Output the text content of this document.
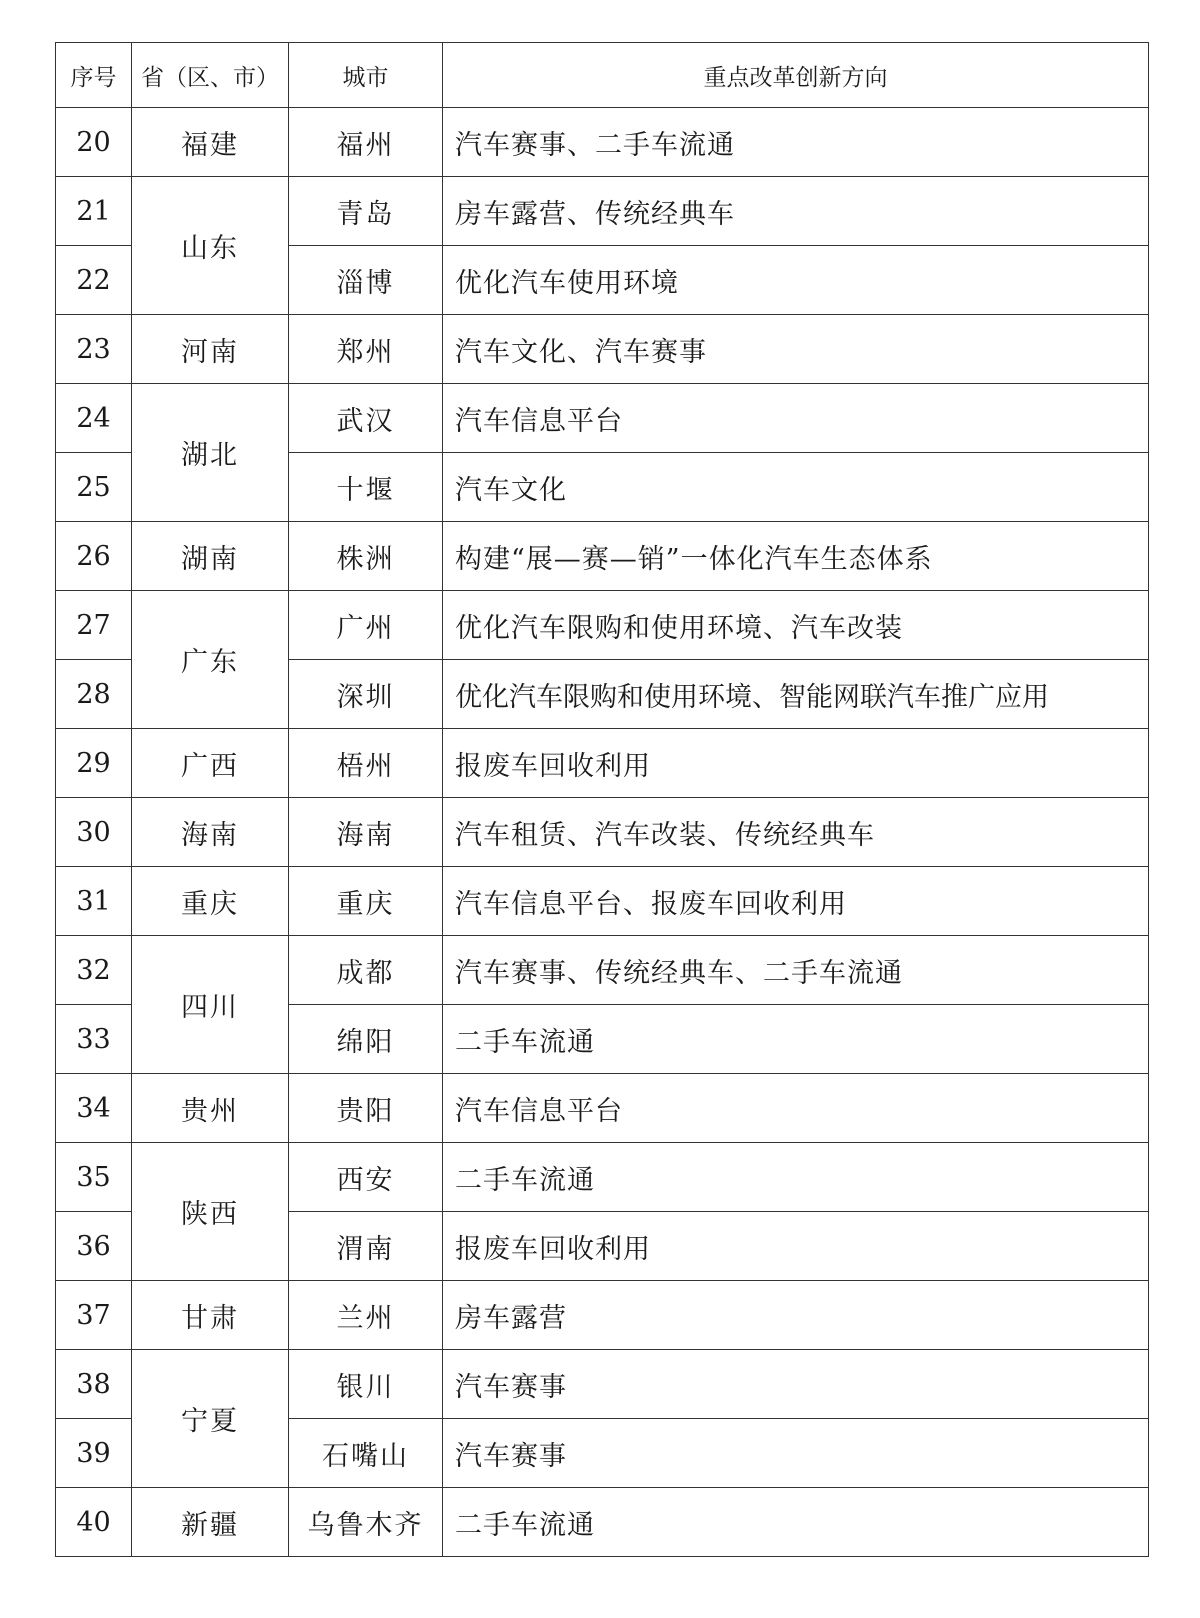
序号	省（区、市）	城市	重点改革创新方向
20	福建	福州	汽车赛事、二手车流通
21	山东	青岛	房车露营、传统经典车
22		淄博	优化汽车使用环境
23	河南	郑州	汽车文化、汽车赛事
24	湖北	武汉	汽车信息平台
25		十堰	汽车文化
26	湖南	株洲	构建“展—赛—销”一体化汽车生态体系
27	广东	广州	优化汽车限购和使用环境、汽车改装
28		深圳	优化汽车限购和使用环境、智能网联汽车推广应用
29	广西	梧州	报废车回收利用
30	海南	海南	汽车租赁、汽车改装、传统经典车
31	重庆	重庆	汽车信息平台、报废车回收利用
32	四川	成都	汽车赛事、传统经典车、二手车流通
33		绵阳	二手车流通
34	贵州	贵阳	汽车信息平台
35	陕西	西安	二手车流通
36		渭南	报废车回收利用
37	甘肃	兰州	房车露营
38	宁夏	银川	汽车赛事
39		石嘴山	汽车赛事
40	新疆	乌鲁木齐	二手车流通
